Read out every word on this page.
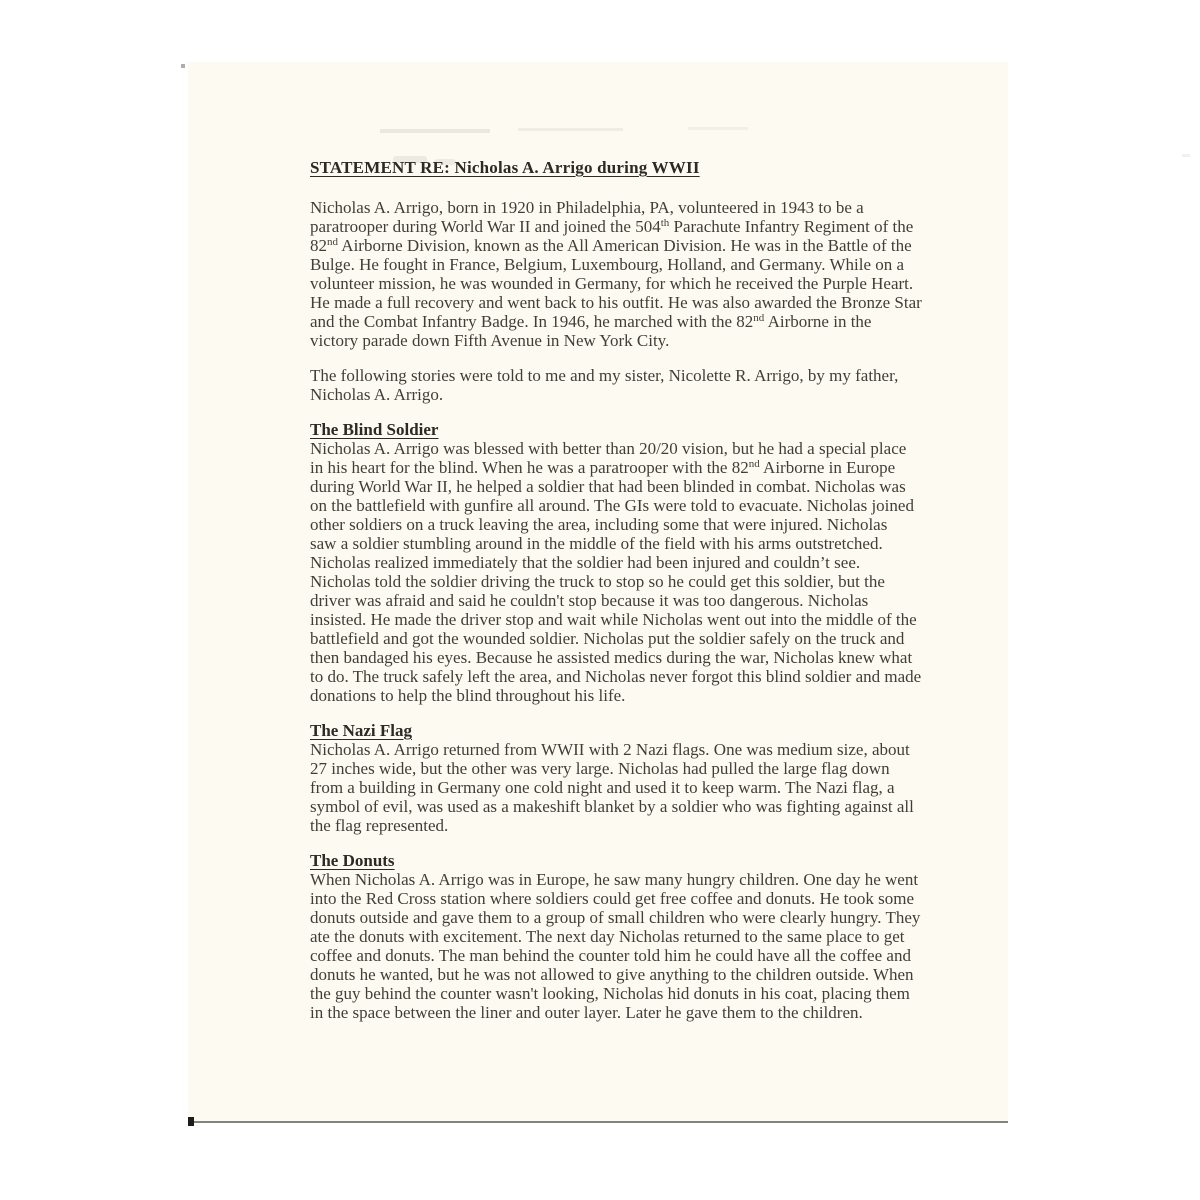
STATEMENT RE: Nicholas A. Arrigo during WWII
Nicholas A. Arrigo, born in 1920 in Philadelphia, PA, volunteered in 1943 to be a
paratrooper during World War II and joined the 504th Parachute Infantry Regiment of the
82nd Airborne Division, known as the All American Division. He was in the Battle of the
Bulge. He fought in France, Belgium, Luxembourg, Holland, and Germany. While on a
volunteer mission, he was wounded in Germany, for which he received the Purple Heart.
He made a full recovery and went back to his outfit. He was also awarded the Bronze Star
and the Combat Infantry Badge. In 1946, he marched with the 82nd Airborne in the
victory parade down Fifth Avenue in New York City.
The following stories were told to me and my sister, Nicolette R. Arrigo, by my father,
Nicholas A. Arrigo.
The Blind Soldier
Nicholas A. Arrigo was blessed with better than 20/20 vision, but he had a special place
in his heart for the blind. When he was a paratrooper with the 82nd Airborne in Europe
during World War II, he helped a soldier that had been blinded in combat. Nicholas was
on the battlefield with gunfire all around. The GIs were told to evacuate. Nicholas joined
other soldiers on a truck leaving the area, including some that were injured. Nicholas
saw a soldier stumbling around in the middle of the field with his arms outstretched.
Nicholas realized immediately that the soldier had been injured and couldn’t see.
Nicholas told the soldier driving the truck to stop so he could get this soldier, but the
driver was afraid and said he couldn't stop because it was too dangerous. Nicholas
insisted. He made the driver stop and wait while Nicholas went out into the middle of the
battlefield and got the wounded soldier. Nicholas put the soldier safely on the truck and
then bandaged his eyes. Because he assisted medics during the war, Nicholas knew what
to do. The truck safely left the area, and Nicholas never forgot this blind soldier and made
donations to help the blind throughout his life.
The Nazi Flag
Nicholas A. Arrigo returned from WWII with 2 Nazi flags. One was medium size, about
27 inches wide, but the other was very large. Nicholas had pulled the large flag down
from a building in Germany one cold night and used it to keep warm. The Nazi flag, a
symbol of evil, was used as a makeshift blanket by a soldier who was fighting against all
the flag represented.
The Donuts
When Nicholas A. Arrigo was in Europe, he saw many hungry children. One day he went
into the Red Cross station where soldiers could get free coffee and donuts. He took some
donuts outside and gave them to a group of small children who were clearly hungry. They
ate the donuts with excitement. The next day Nicholas returned to the same place to get
coffee and donuts. The man behind the counter told him he could have all the coffee and
donuts he wanted, but he was not allowed to give anything to the children outside. When
the guy behind the counter wasn't looking, Nicholas hid donuts in his coat, placing them
in the space between the liner and outer layer. Later he gave them to the children.
